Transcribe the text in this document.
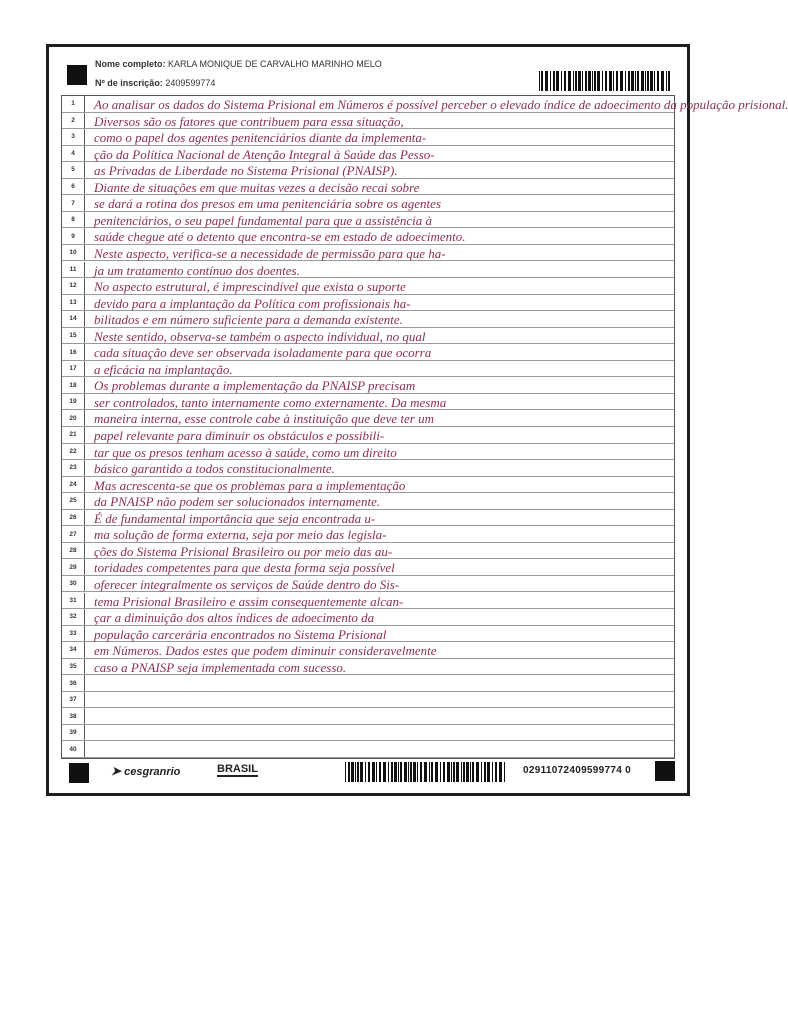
Nome completo: KARLA MONIQUE DE CARVALHO MARINHO MELO
Nº de inscrição: 2409599774
1	Ao analisar os dados do Sistema Prisional em Números é possível perceber o elevado índice de adoecimento da população prisional.
2	Diversos são os fatores que contribuem para essa situação,
3	como o papel dos agentes penitenciários diante da implementa-
4	ção da Política Nacional de Atenção Integral à Saúde das Pesso-
5	as Privadas de Liberdade no Sistema Prisional (PNAISP).
6	Diante de situações em que muitas vezes a decisão recai sobre
7	se dará a rotina dos presos em uma penitenciária sobre os agentes
8	penitenciários, o seu papel fundamental para que a assistência à
9	saúde chegue até o detento que encontra-se em estado de adoecimento.
10	Neste aspecto, verifica-se a necessidade de permissão para que ha-
11	ja um tratamento contínuo dos doentes.
12	No aspecto estrutural, é imprescindível que exista o suporte
13	devido para a implantação da Política com profissionais ha-
14	bilitados e em número suficiente para a demanda existente.
15	Neste sentido, observa-se também o aspecto individual, no qual
16	cada situação deve ser observada isoladamente para que ocorra
17	a eficácia na implantação.
18	Os problemas durante a implementação da PNAISP precisam
19	ser controlados, tanto internamente como externamente. Da mesma
20	maneira interna, esse controle cabe à instituição que deve ter um
21	papel relevante para diminuir os obstáculos e possibili-
22	tar que os presos tenham acesso à saúde, como um direito
23	básico garantido a todos constitucionalmente.
24	Mas acrescenta-se que os problemas para a implementação
25	da PNAISP não podem ser solucionados internamente.
26	É de fundamental importância que seja encontrada u-
27	ma solução de forma externa, seja por meio das legisla-
28	ções do Sistema Prisional Brasileiro ou por meio das au-
29	toridades competentes para que desta forma seja possível
30	oferecer integralmente os serviços de Saúde dentro do Sis-
31	tema Prisional Brasileiro e assim consequentemente alcan-
32	çar a diminuição dos altos índices de adoecimento da
33	população carcerária encontrados no Sistema Prisional
34	em Números. Dados estes que podem diminuir consideravelmente
35	caso a PNAISP seja implementada com sucesso.
36
37
38
39
40
➤ cesgranrio	BRASIL	02911072409599774 0
